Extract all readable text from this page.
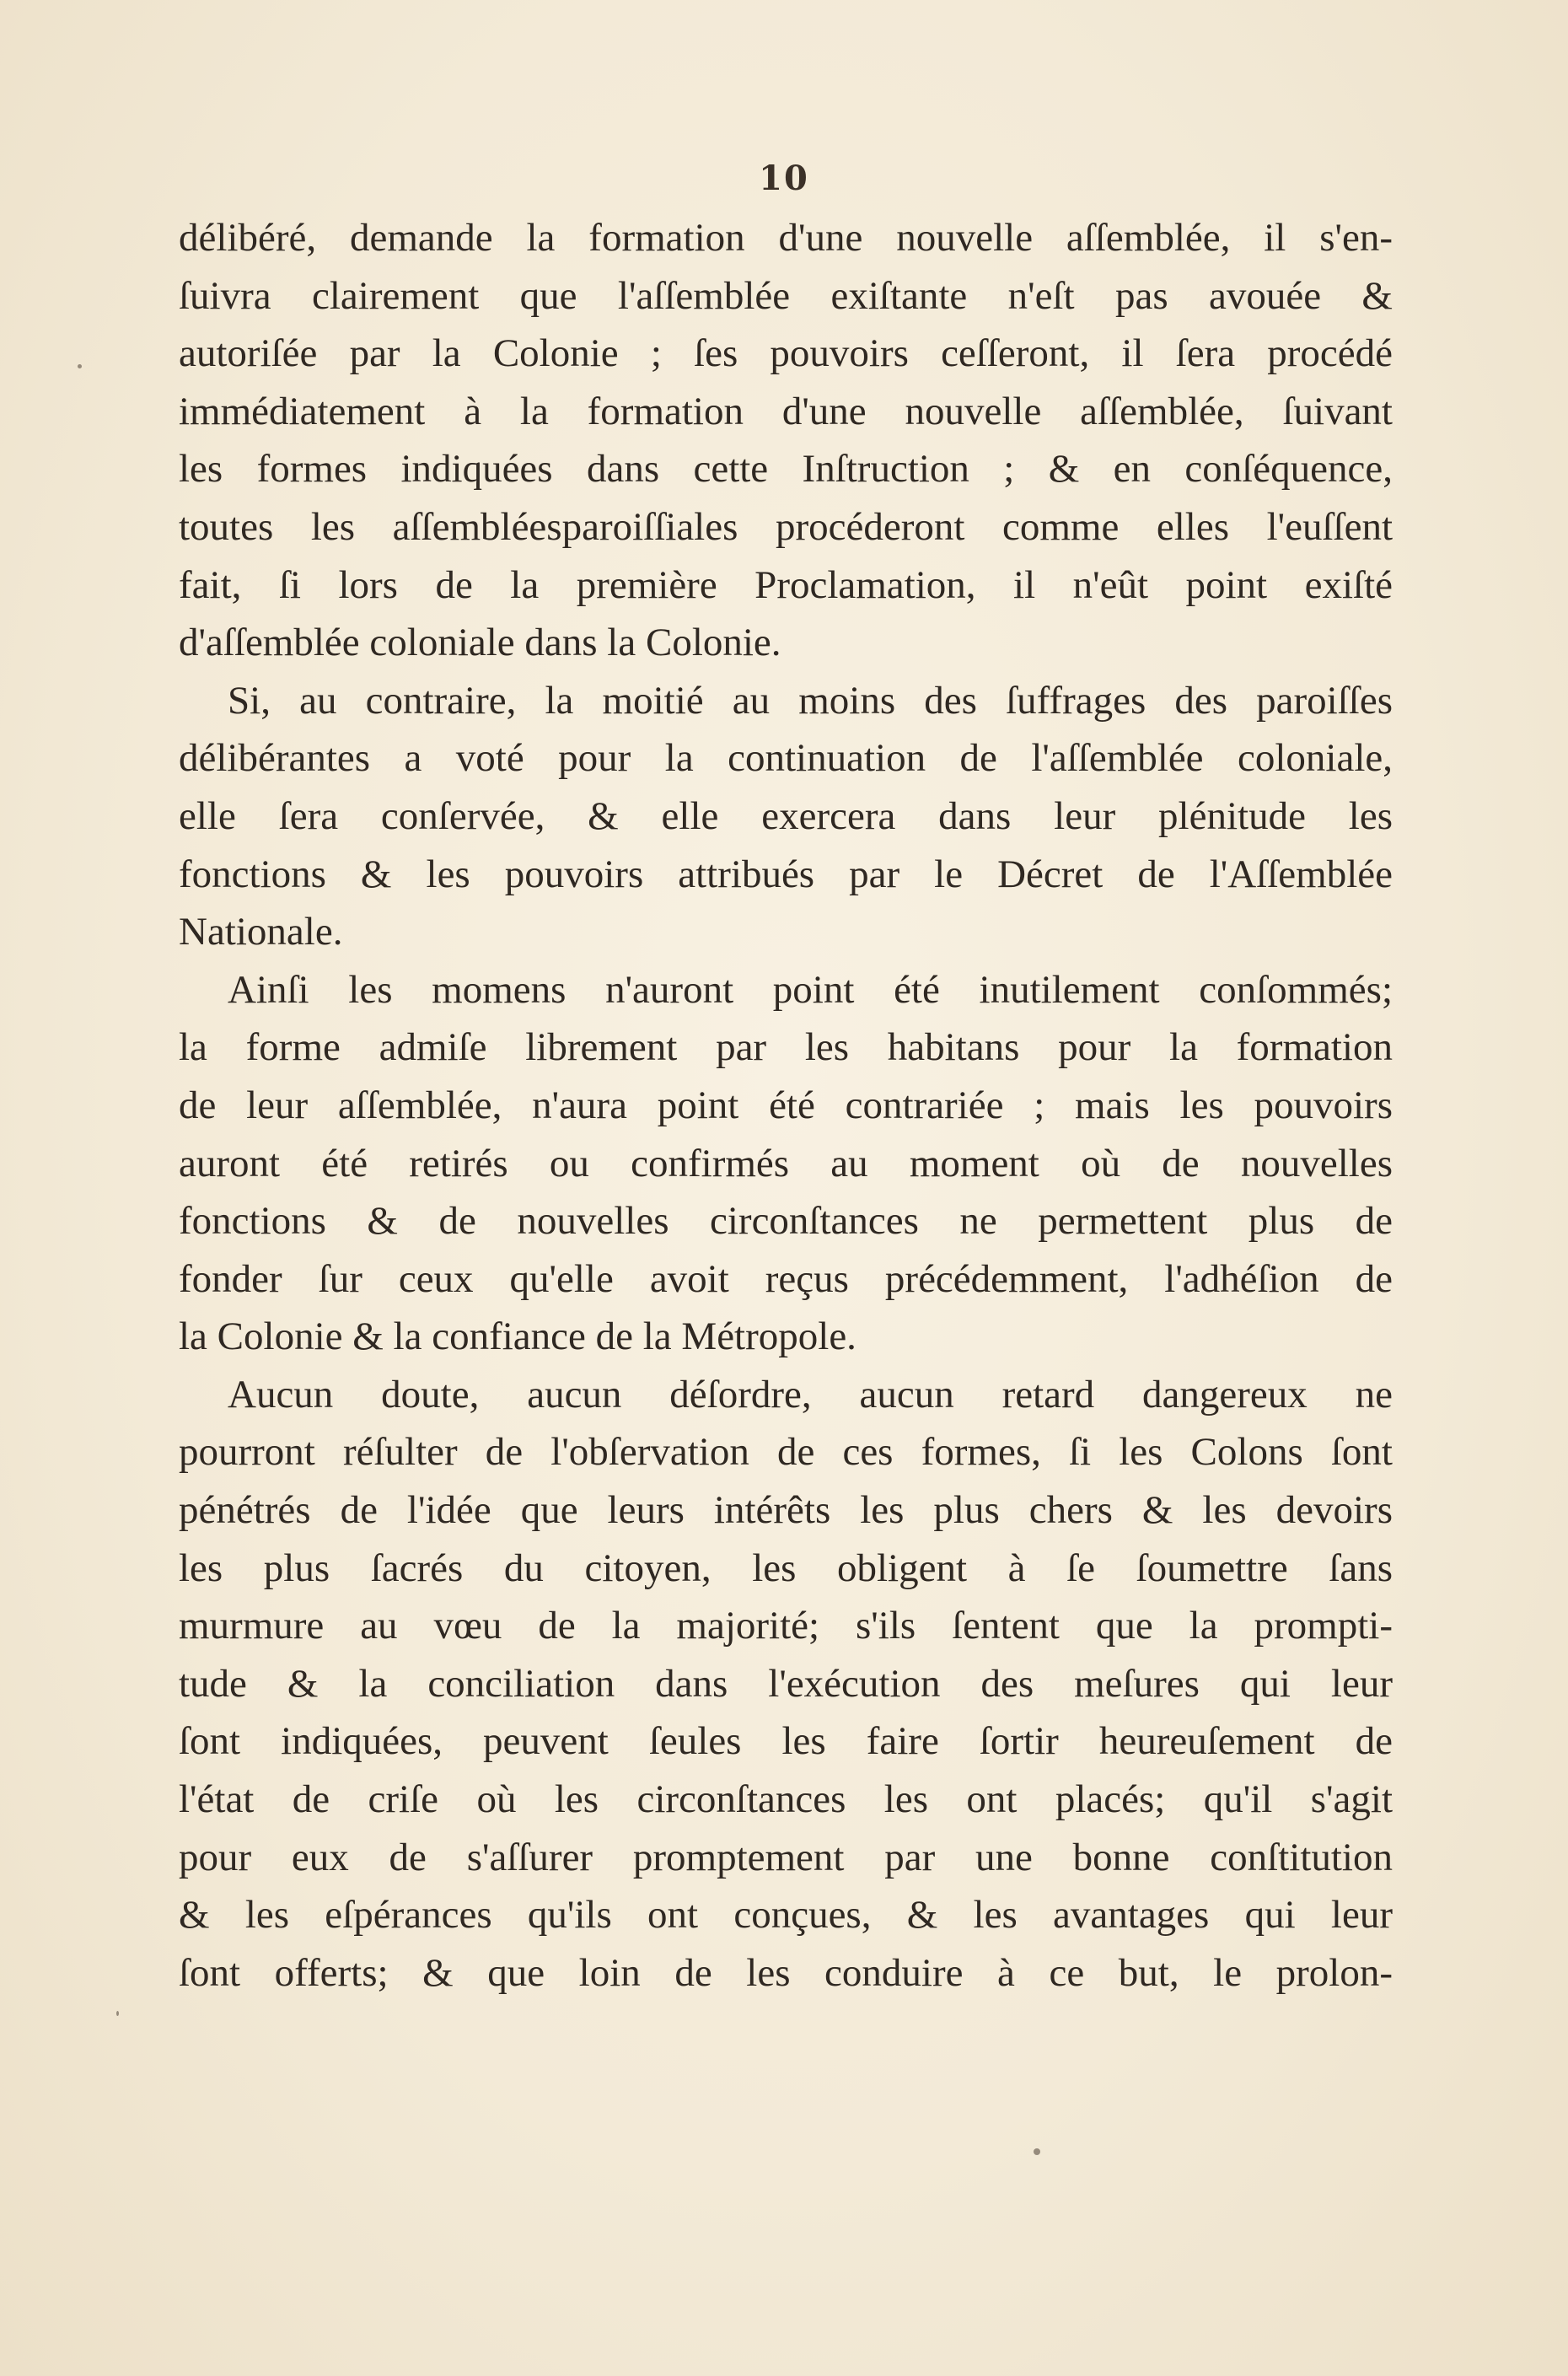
10
délibéré, demande la formation d'une nouvelle aſſemblée, il s'en-
ſuivra clairement que l'aſſemblée exiſtante n'eſt pas avouée &
autoriſée par la Colonie ; ſes pouvoirs ceſſeront, il ſera procédé
immédiatement à la formation d'une nouvelle aſſemblée, ſuivant
les formes indiquées dans cette Inſtruction ; & en conſéquence,
toutes les aſſembléesparoiſſiales procéderont comme elles l'euſſent
fait, ſi lors de la première Proclamation, il n'eût point exiſté
d'aſſemblée coloniale dans la Colonie.
Si, au contraire, la moitié au moins des ſuffrages des paroiſſes
délibérantes a voté pour la continuation de l'aſſemblée coloniale,
elle ſera conſervée, & elle exercera dans leur plénitude les
fonctions & les pouvoirs attribués par le Décret de l'Aſſemblée
Nationale.
Ainſi les momens n'auront point été inutilement conſommés;
la forme admiſe librement par les habitans pour la formation
de leur aſſemblée, n'aura point été contrariée ; mais les pouvoirs
auront été retirés ou confirmés au moment où de nouvelles
fonctions & de nouvelles circonſtances ne permettent plus de
fonder ſur ceux qu'elle avoit reçus précédemment, l'adhéſion de
la Colonie & la confiance de la Métropole.
Aucun doute, aucun déſordre, aucun retard dangereux ne
pourront réſulter de l'obſervation de ces formes, ſi les Colons ſont
pénétrés de l'idée que leurs intérêts les plus chers & les devoirs
les plus ſacrés du citoyen, les obligent à ſe ſoumettre ſans
murmure au vœu de la majorité; s'ils ſentent que la prompti-
tude & la conciliation dans l'exécution des meſures qui leur
ſont indiquées, peuvent ſeules les faire ſortir heureuſement de
l'état de criſe où les circonſtances les ont placés; qu'il s'agit
pour eux de s'aſſurer promptement par une bonne conſtitution
& les eſpérances qu'ils ont conçues, & les avantages qui leur
ſont offerts; & que loin de les conduire à ce but, le prolon-
